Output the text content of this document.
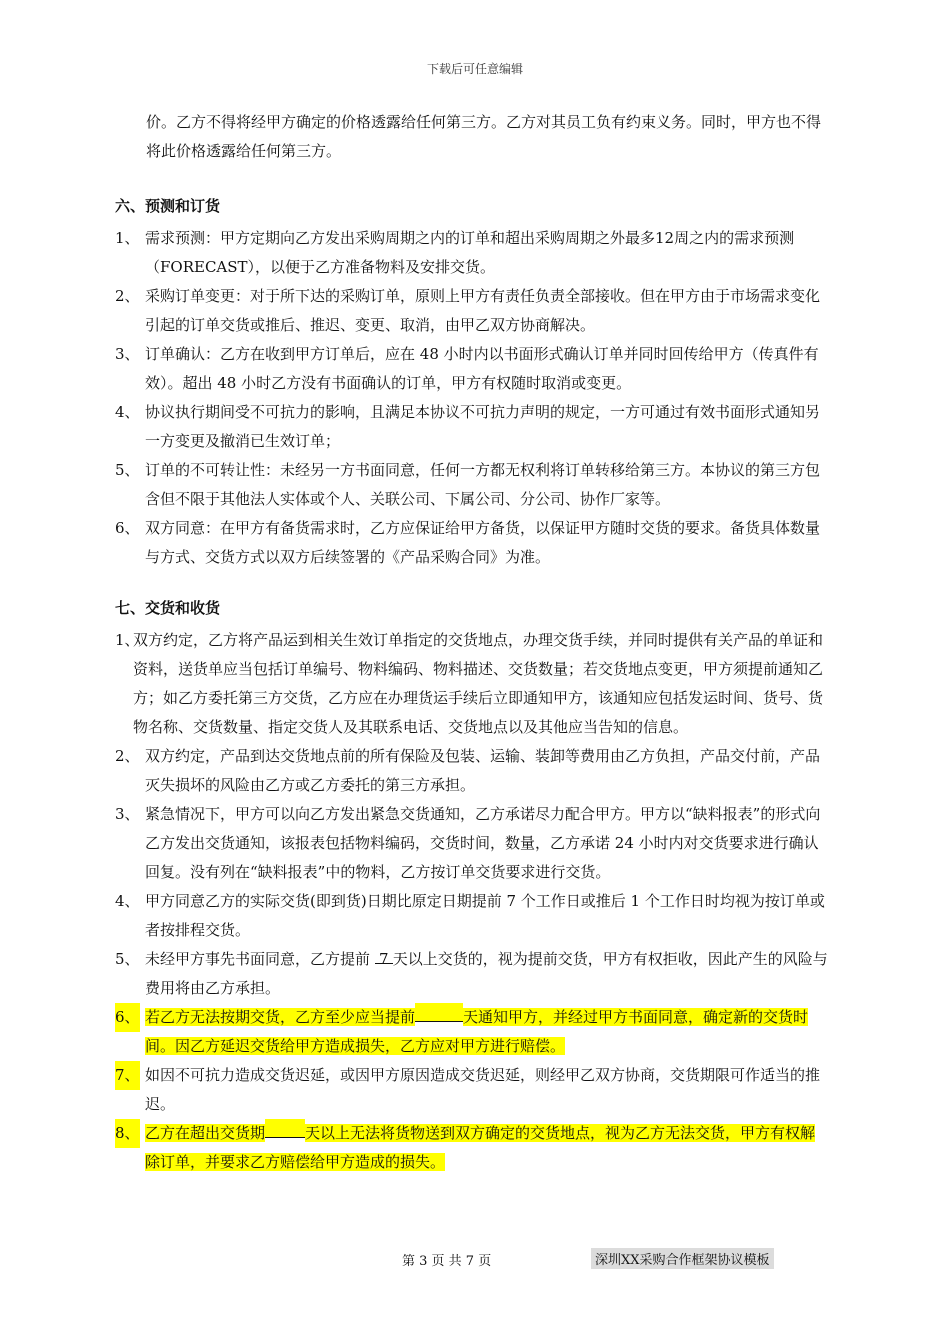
下载后可任意编辑
价。乙方不得将经甲方确定的价格透露给任何第三方。乙方对其员工负有约束义务。同时，甲方也不得将此价格透露给任何第三方。
六、预测和订货
1、 需求预测：甲方定期向乙方发出采购周期之内的订单和超出采购周期之外最多12周之内的需求预测（FORECAST），以便于乙方准备物料及安排交货。
2、 采购订单变更：对于所下达的采购订单，原则上甲方有责任负责全部接收。但在甲方由于市场需求变化引起的订单交货或推后、推迟、变更、取消，由甲乙双方协商解决。
3、 订单确认：乙方在收到甲方订单后，应在 48 小时内以书面形式确认订单并同时回传给甲方（传真件有效）。超出 48 小时乙方没有书面确认的订单，甲方有权随时取消或变更。
4、 协议执行期间受不可抗力的影响，且满足本协议不可抗力声明的规定，一方可通过有效书面形式通知另一方变更及撤消已生效订单；
5、 订单的不可转让性：未经另一方书面同意，任何一方都无权利将订单转移给第三方。本协议的第三方包含但不限于其他法人实体或个人、关联公司、下属公司、分公司、协作厂家等。
6、 双方同意：在甲方有备货需求时，乙方应保证给甲方备货，以保证甲方随时交货的要求。备货具体数量与方式、交货方式以双方后续签署的《产品采购合同》为准。
七、交货和收货
1、
双方约定，乙方将产品运到相关生效订单指定的交货地点，办理交货手续，并同时提供有关产品的单证和资料，送货单应当包括订单编号、物料编码、物料描述、交货数量；若交货地点变更，甲方须提前通知乙方；如乙方委托第三方交货，乙方应在办理货运手续后立即通知甲方，该通知应包括发运时间、货号、货物名称、交货数量、指定交货人及其联系电话、交货地点以及其他应当告知的信息。
2、 双方约定，产品到达交货地点前的所有保险及包装、运输、装卸等费用由乙方负担，产品交付前，产品灭失损坏的风险由乙方或乙方委托的第三方承担。
3、 紧急情况下，甲方可以向乙方发出紧急交货通知，乙方承诺尽力配合甲方。甲方以“缺料报表”的形式向乙方发出交货通知，该报表包括物料编码，交货时间，数量，乙方承诺 24 小时内对交货要求进行确认回复。没有列在“缺料报表”中的物料，乙方按订单交货要求进行交货。
4、 甲方同意乙方的实际交货(即到货)日期比原定日期提前 7 个工作日或推后 1 个工作日时均视为按订单或者按排程交货。
5、 未经甲方事先书面同意，乙方提前 7 天以上交货的，视为提前交货，甲方有权拒收，因此产生的风险与费用将由乙方承担。
6、 若乙方无法按期交货，乙方至少应当提前	天通知甲方，并经过甲方书面同意，确定新的交货时间。因乙方延迟交货给甲方造成损失，乙方应对甲方进行赔偿。
7、 如因不可抗力造成交货迟延，或因甲方原因造成交货迟延，则经甲乙双方协商，交货期限可作适当的推迟。
8、 乙方在超出交货期	天以上无法将货物送到双方确定的交货地点，视为乙方无法交货，甲方有权解除订单，并要求乙方赔偿给甲方造成的损失。
第 3 页 共 7 页	深圳XX采购合作框架协议模板
